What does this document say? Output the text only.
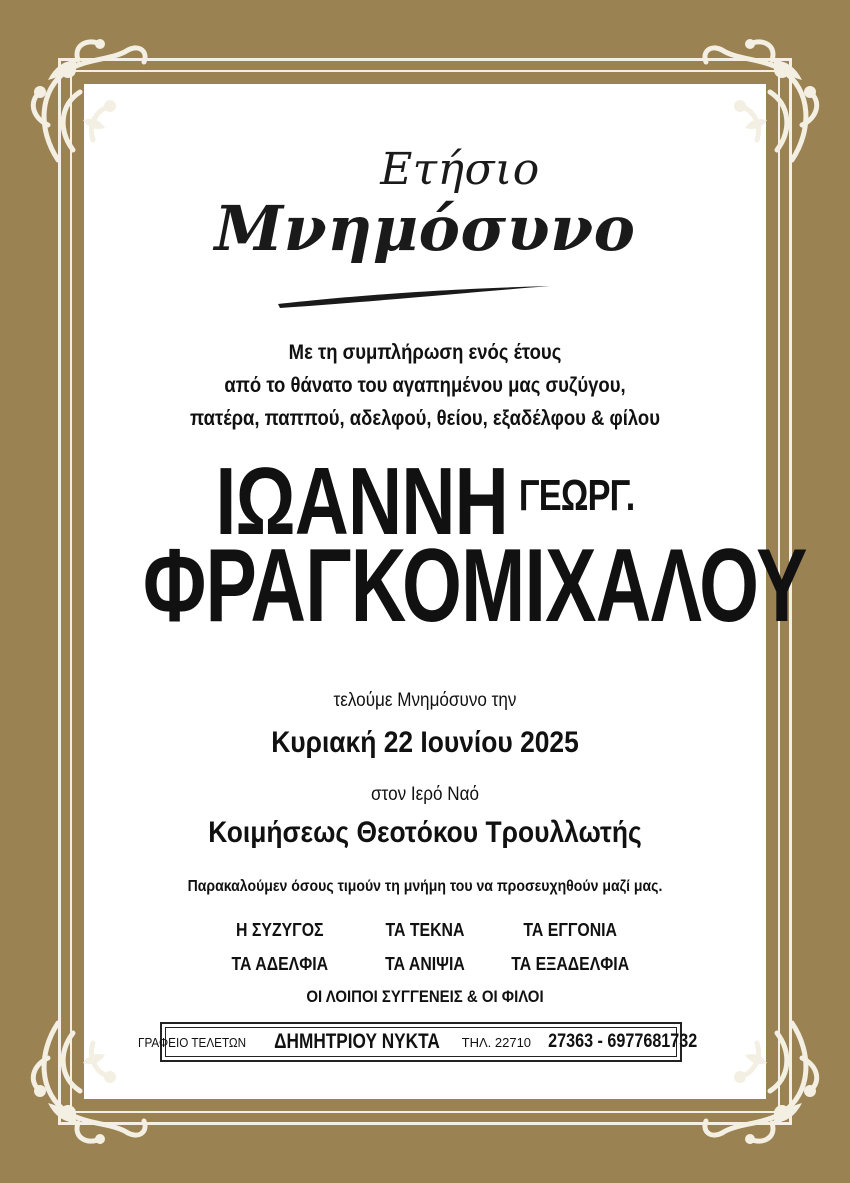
Ετήσιο
Μνημόσυνο
Με τη συμπλήρωση ενός έτους
από το θάνατο του αγαπημένου μας συζύγου,
πατέρα, παππού, αδελφού, θείου, εξαδέλφου & φίλου
ΙΩΑΝΝΗ $^{\Gamma E\Omega P\Gamma.}$
ΦΡΑΓΚΟΜΙΧΑΛΟΥ
τελούμε Μνημόσυνο την
Κυριακή 22 Ιουνίου 2025
στον Ιερό Ναό
Κοιμήσεως Θεοτόκου Τρουλλωτής
Παρακαλούμεν όσους τιμούν τη μνήμη του να προσευχηθούν μαζί μας.
Η ΣΥΖΥΓΟΣ	ΤΑ ΤΕΚΝΑ	ΤΑ ΕΓΓΟΝΙΑ
ΤΑ ΑΔΕΛΦΙΑ	ΤΑ ΑΝΙΨΙΑ	ΤΑ ΕΞΑΔΕΛΦΙΑ
ΟΙ ΛΟΙΠΟΙ ΣΥΓΓΕΝΕΙΣ & ΟΙ ΦΙΛΟΙ
ΓΡΑΦΕΙΟ ΤΕΛΕΤΩΝ ΔΗΜΗΤΡΙΟΥ ΝΥΚΤΑ ΤΗΛ. 22710 27363 - 6977681732
